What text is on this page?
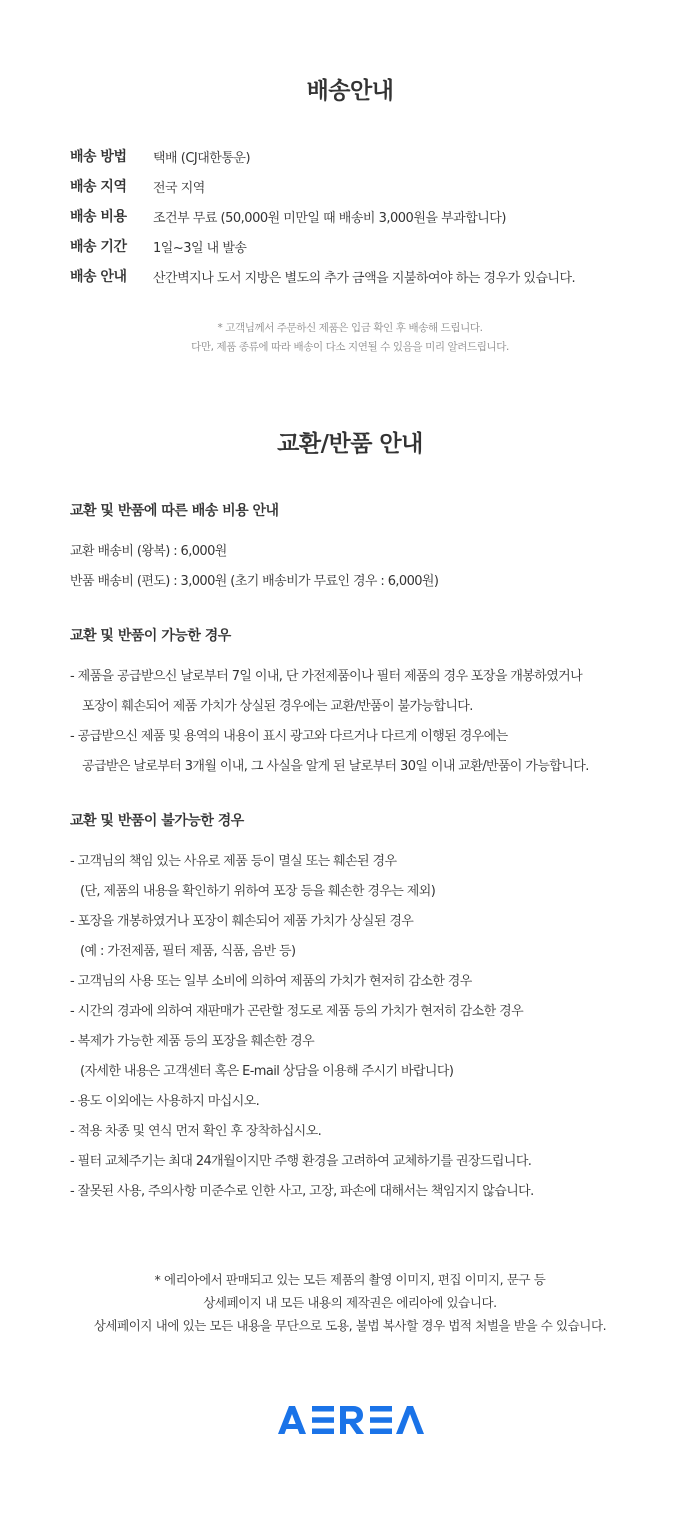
배송안내
배송 방법 택배 (CJ대한통운)
배송 지역 전국 지역
배송 비용 조건부 무료 (50,000원 미만일 때 배송비 3,000원을 부과합니다)
배송 기간 1일~3일 내 발송
배송 안내 산간벽지나 도서 지방은 별도의 추가 금액을 지불하여야 하는 경우가 있습니다.
* 고객님께서 주문하신 제품은 입금 확인 후 배송해 드립니다.
다만, 제품 종류에 따라 배송이 다소 지연될 수 있음을 미리 알려드립니다.
교환/반품 안내
교환 및 반품에 따른 배송 비용 안내
교환 배송비 (왕복) : 6,000원
반품 배송비 (편도) : 3,000원 (초기 배송비가 무료인 경우 : 6,000원)
교환 및 반품이 가능한 경우
- 제품을 공급받으신 날로부터 7일 이내, 단 가전제품이나 필터 제품의 경우 포장을 개봉하였거나
포장이 훼손되어 제품 가치가 상실된 경우에는 교환/반품이 불가능합니다.
- 공급받으신 제품 및 용역의 내용이 표시 광고와 다르거나 다르게 이행된 경우에는
공급받은 날로부터 3개월 이내, 그 사실을 알게 된 날로부터 30일 이내 교환/반품이 가능합니다.
교환 및 반품이 불가능한 경우
- 고객님의 책임 있는 사유로 제품 등이 멸실 또는 훼손된 경우
(단, 제품의 내용을 확인하기 위하여 포장 등을 훼손한 경우는 제외)
- 포장을 개봉하였거나 포장이 훼손되어 제품 가치가 상실된 경우
(예 : 가전제품, 필터 제품, 식품, 음반 등)
- 고객님의 사용 또는 일부 소비에 의하여 제품의 가치가 현저히 감소한 경우
- 시간의 경과에 의하여 재판매가 곤란할 정도로 제품 등의 가치가 현저히 감소한 경우
- 복제가 가능한 제품 등의 포장을 훼손한 경우
(자세한 내용은 고객센터 혹은 E-mail 상담을 이용해 주시기 바랍니다)
- 용도 이외에는 사용하지 마십시오.
- 적용 차종 및 연식 먼저 확인 후 장착하십시오.
- 필터 교체주기는 최대 24개월이지만 주행 환경을 고려하여 교체하기를 권장드립니다.
- 잘못된 사용, 주의사항 미준수로 인한 사고, 고장, 파손에 대해서는 책임지지 않습니다.
* 에리아에서 판매되고 있는 모든 제품의 촬영 이미지, 편집 이미지, 문구 등
상세페이지 내 모든 내용의 제작권은 에리아에 있습니다.
상세페이지 내에 있는 모든 내용을 무단으로 도용, 불법 복사할 경우 법적 처벌을 받을 수 있습니다.
